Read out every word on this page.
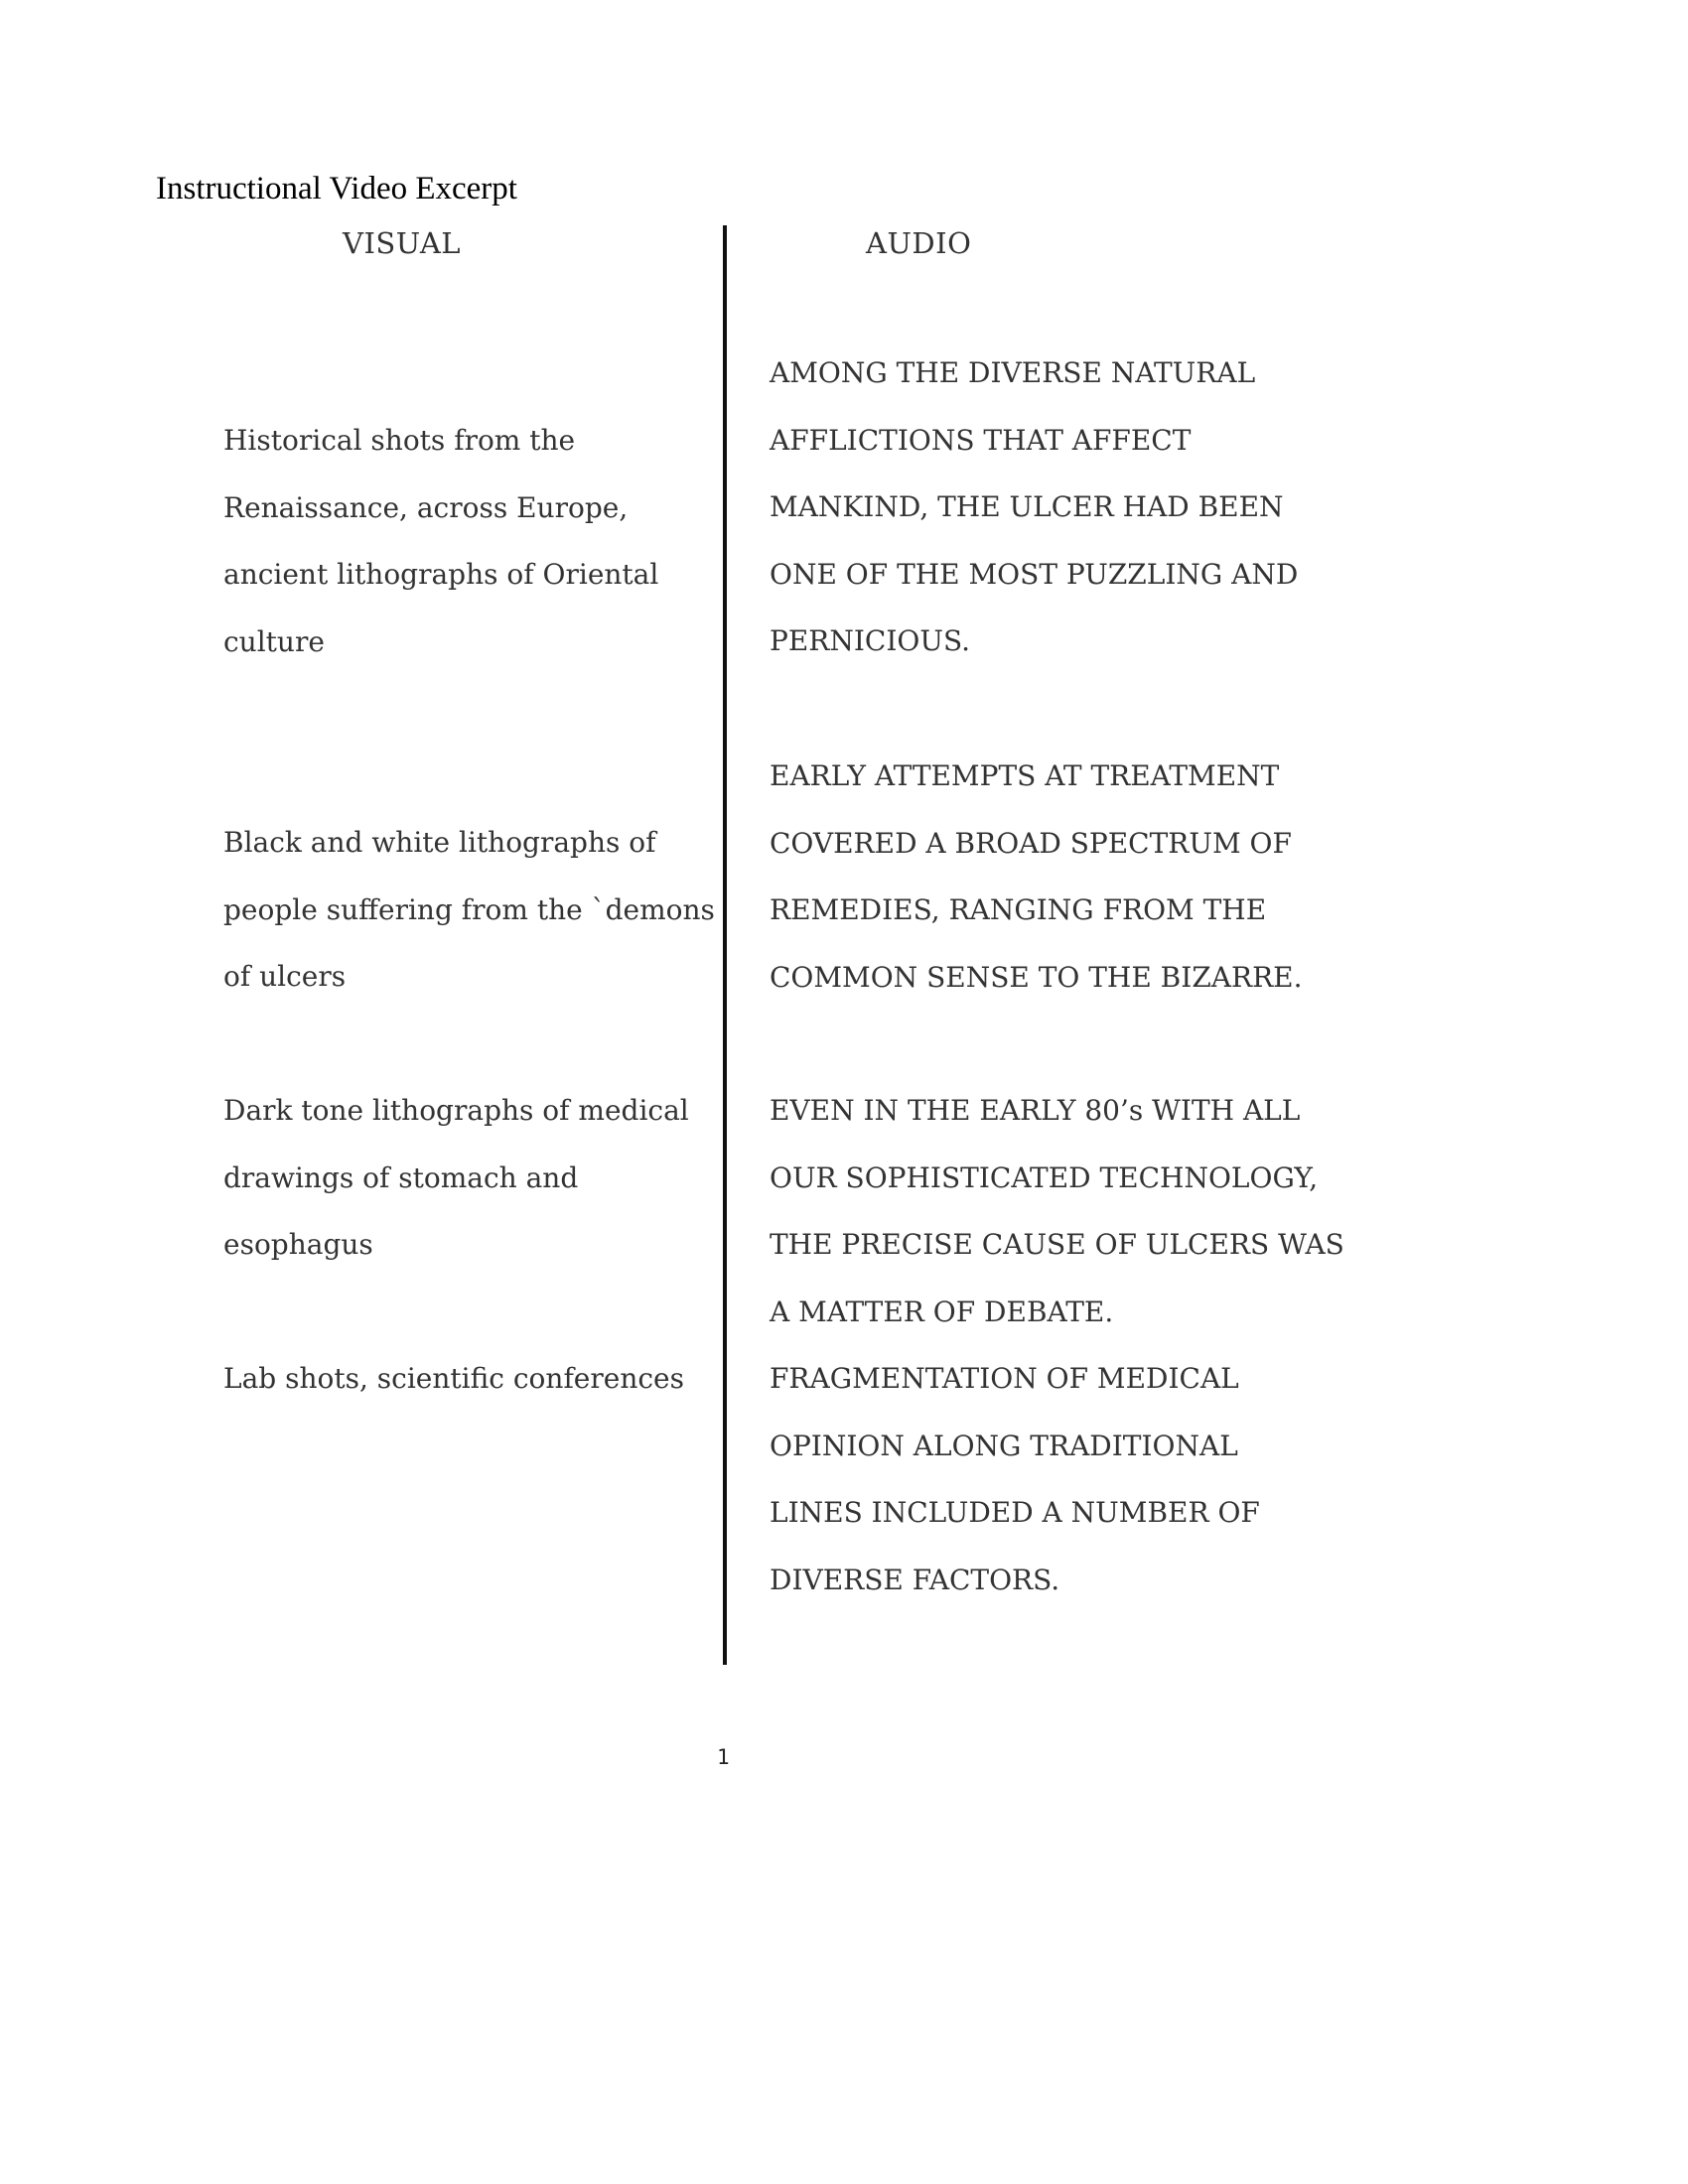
Instructional Video Excerpt
VISUAL	AUDIO
Historical shots from the
Renaissance, across Europe,
ancient lithographs of Oriental
culture
Black and white lithographs of
people suffering from the `demons
of ulcers
Dark tone lithographs of medical
drawings of stomach and
esophagus
Lab shots, scientific conferences
AMONG THE DIVERSE NATURAL
AFFLICTIONS THAT AFFECT
MANKIND, THE ULCER HAD BEEN
ONE OF THE MOST PUZZLING AND
PERNICIOUS.
EARLY ATTEMPTS AT TREATMENT
COVERED A BROAD SPECTRUM OF
REMEDIES, RANGING FROM THE
COMMON SENSE TO THE BIZARRE.
EVEN IN THE EARLY 80’s WITH ALL
OUR SOPHISTICATED TECHNOLOGY,
THE PRECISE CAUSE OF ULCERS WAS
A MATTER OF DEBATE.
FRAGMENTATION OF MEDICAL
OPINION ALONG TRADITIONAL
LINES INCLUDED A NUMBER OF
DIVERSE FACTORS.
1
